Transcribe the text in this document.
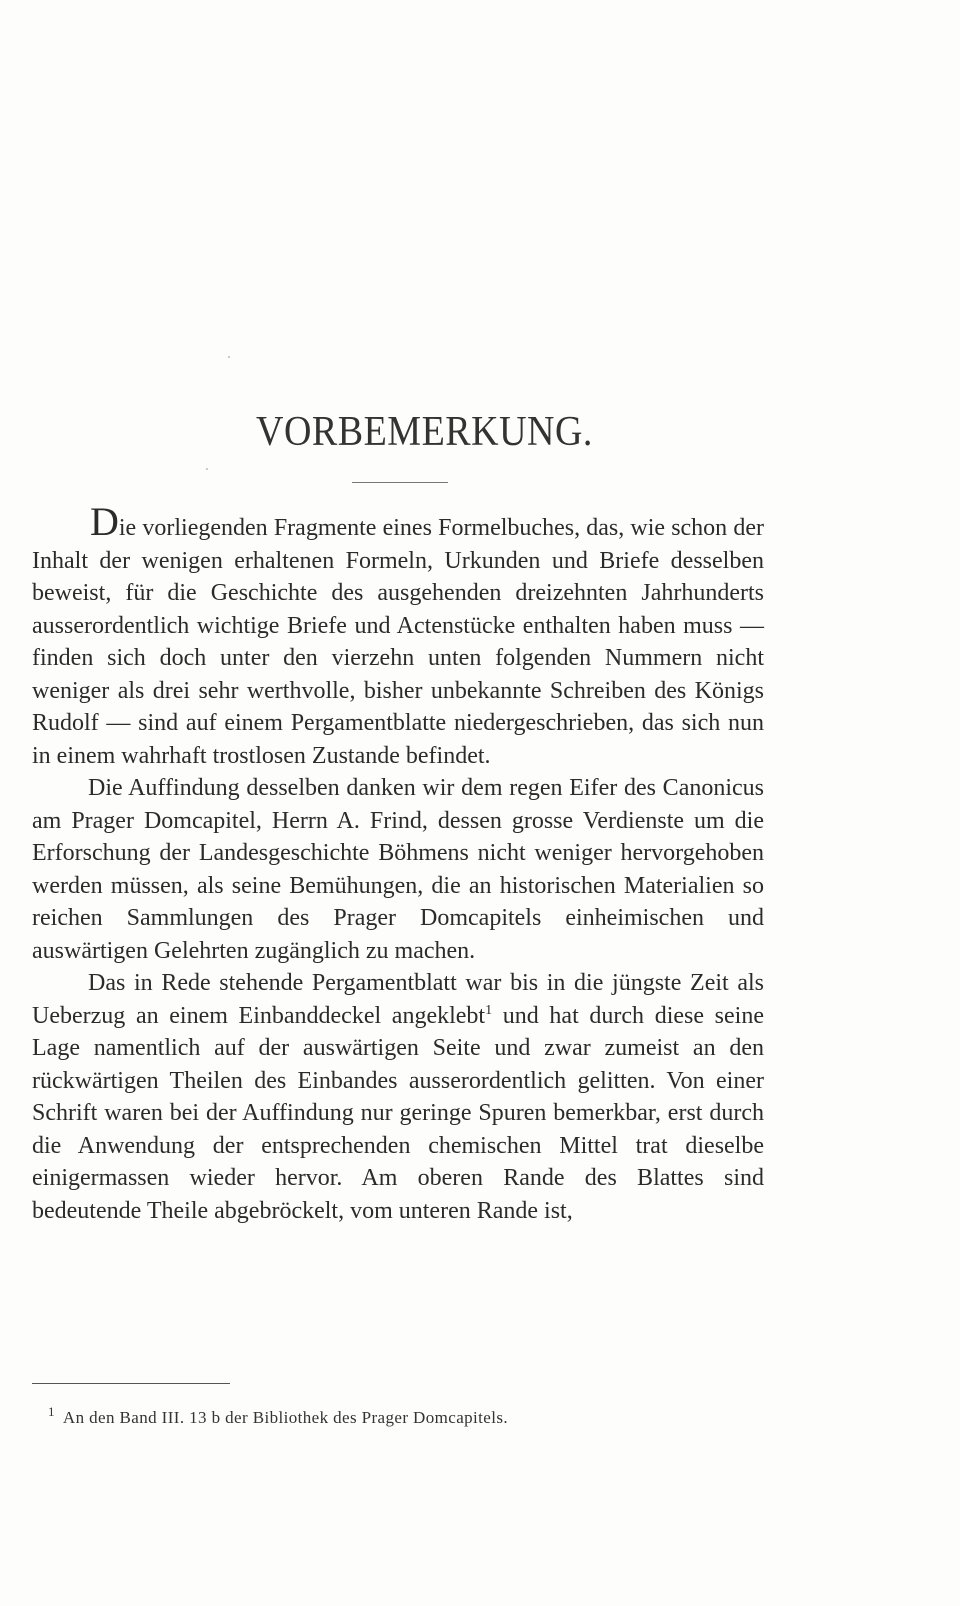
VORBEMERKUNG.

Die vorliegenden Fragmente eines Formelbuches, das, wie schon der Inhalt der wenigen erhaltenen Formeln, Urkunden und Briefe desselben beweist, für die Geschichte des ausgehenden dreizehnten Jahrhunderts ausserordentlich wichtige Briefe und Actenstücke enthalten haben muss — finden sich doch unter den vierzehn unten folgenden Nummern nicht weniger als drei sehr werthvolle, bisher unbekannte Schreiben des Königs Rudolf — sind auf einem Pergamentblatte niedergeschrieben, das sich nun in einem wahrhaft trostlosen Zustande befindet.

Die Auffindung desselben danken wir dem regen Eifer des Canonicus am Prager Domcapitel, Herrn A. Frind, dessen grosse Verdienste um die Erforschung der Landesgeschichte Böhmens nicht weniger hervorgehoben werden müssen, als seine Bemühungen, die an historischen Materialien so reichen Sammlungen des Prager Domcapitels einheimischen und auswärtigen Gelehrten zugänglich zu machen.

Das in Rede stehende Pergamentblatt war bis in die jüngste Zeit als Ueberzug an einem Einbanddeckel angeklebt$^1$ und hat durch diese seine Lage namentlich auf der auswärtigen Seite und zwar zumeist an den rückwärtigen Theilen des Einbandes ausserordentlich gelitten. Von einer Schrift waren bei der Auffindung nur geringe Spuren bemerkbar, erst durch die Anwendung der entsprechenden chemischen Mittel trat dieselbe einigermassen wieder hervor. Am oberen Rande des Blattes sind bedeutende Theile abgebröckelt, vom unteren Rande ist,

$^1$ An den Band III. 13 b der Bibliothek des Prager Domcapitels.
